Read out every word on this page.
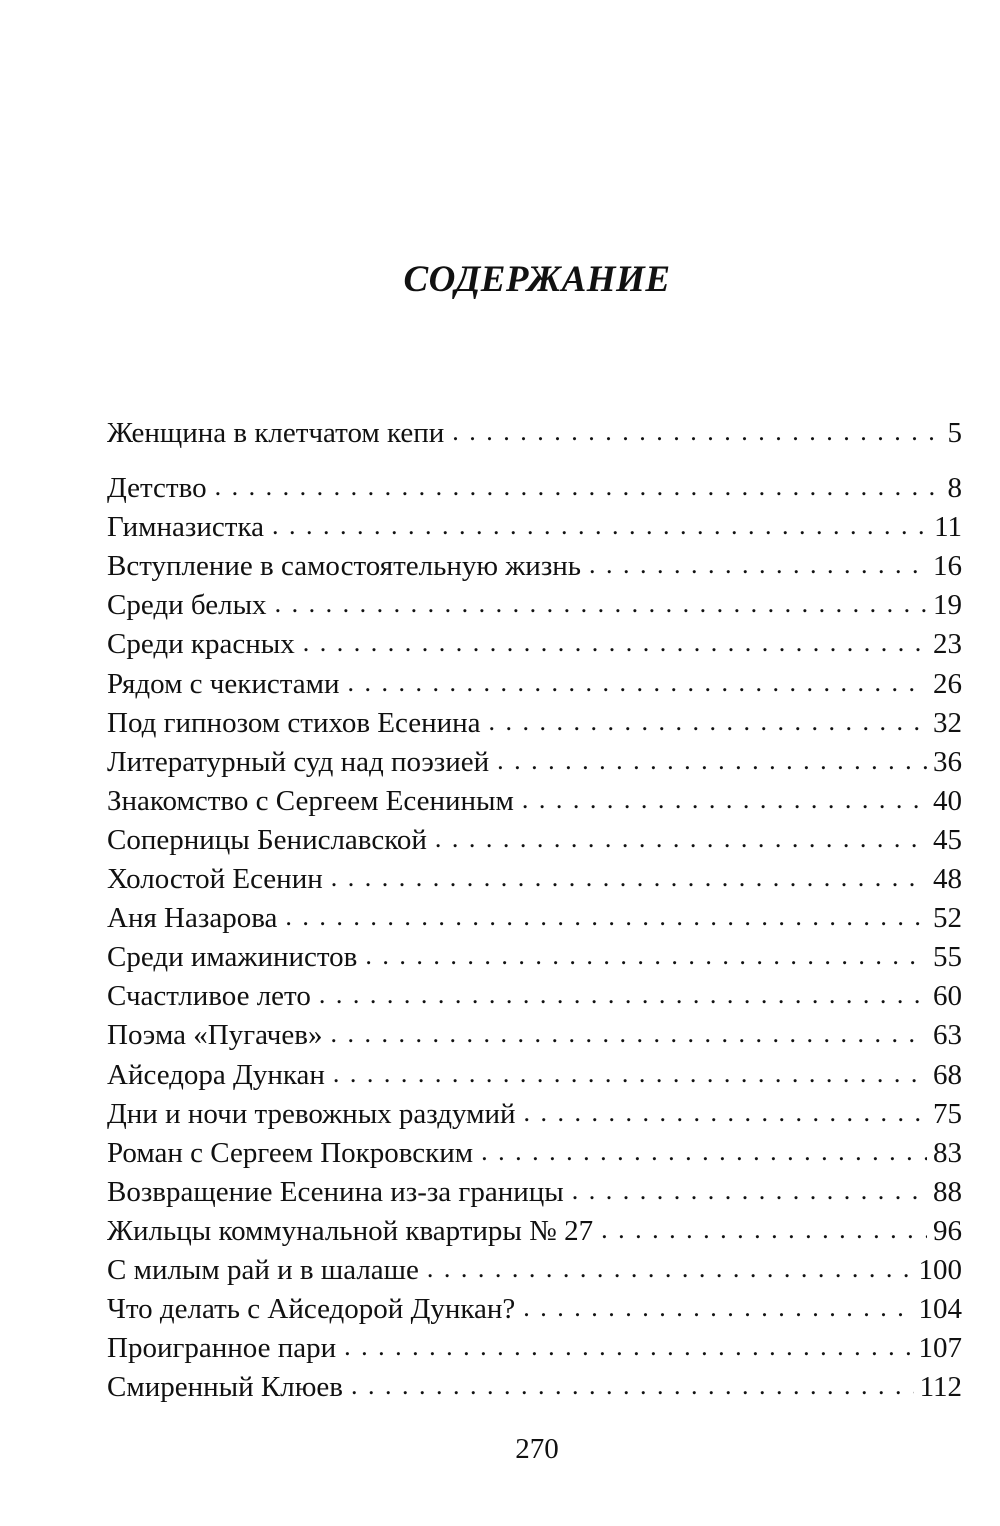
СОДЕРЖАНИЕ
Женщина в клетчатом кепи . . .	5
Детство . . .	8
Гимназистка . . .	11
Вступление в самостоятельную жизнь . . .	16
Среди белых . . .	19
Среди красных . . .	23
Рядом с чекистами . . .	26
Под гипнозом стихов Есенина . . .	32
Литературный суд над поэзией . . .	36
Знакомство с Сергеем Есениным . . .	40
Соперницы Бениславской . . .	45
Холостой Есенин . . .	48
Аня Назарова . . .	52
Среди имажинистов . . .	55
Счастливое лето . . .	60
Поэма «Пугачев» . . .	63
Айседора Дункан . . .	68
Дни и ночи тревожных раздумий . . .	75
Роман с Сергеем Покровским . . .	83
Возвращение Есенина из-за границы . . .	88
Жильцы коммунальной квартиры № 27 . . .	96
С милым рай и в шалаше . . .	100
Что делать с Айседорой Дункан? . . .	104
Проигранное пари . . .	107
Смиренный Клюев . . .	112
270
